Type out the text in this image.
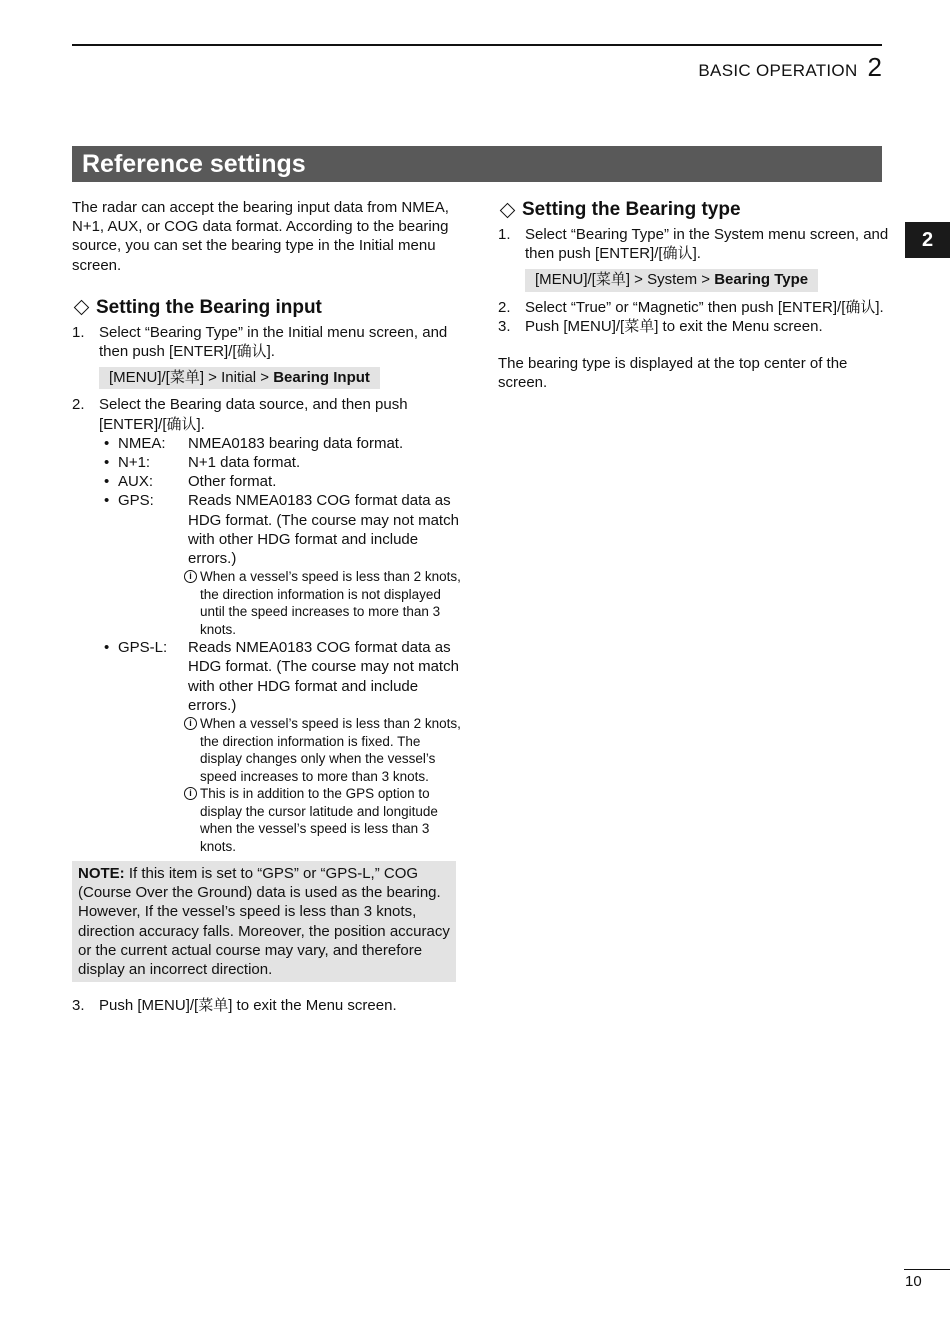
BASIC OPERATION 2
Reference settings
2

The radar can accept the bearing input data from NMEA, N+1, AUX, or COG data format. According to the bearing source, you can set the bearing type in the Initial menu screen.

Setting the Bearing input
1. Select “Bearing Type” in the Initial menu screen, and then push [ENTER]/[确认].
[MENU]/[菜单] > Initial > Bearing Input
2. Select the Bearing data source, and then push [ENTER]/[确认].
• NMEA:	NMEA0183 bearing data format.
• N+1:	N+1 data format.
• AUX:	Other format.
• GPS:	Reads NMEA0183 COG format data as HDG format. (The course may not match with other HDG format and include errors.)
i When a vessel’s speed is less than 2 knots, the direction information is not displayed until the speed increases to more than 3 knots.
• GPS-L:	Reads NMEA0183 COG format data as HDG format. (The course may not match with other HDG format and include errors.)
i When a vessel’s speed is less than 2 knots, the direction information is fixed. The display changes only when the vessel’s speed increases to more than 3 knots.
i This is in addition to the GPS option to display the cursor latitude and longitude when the vessel’s speed is less than 3 knots.

NOTE: If this item is set to “GPS” or “GPS-L,” COG (Course Over the Ground) data is used as the bearing.

However, If the vessel’s speed is less than 3 knots, direction accuracy falls. Moreover, the position accuracy or the current actual course may vary, and therefore display an incorrect direction.

3. Push [MENU]/[菜单] to exit the Menu screen.
Setting the Bearing type
1. Select “Bearing Type” in the System menu screen, and then push [ENTER]/[确认].
[MENU]/[菜单] > System > Bearing Type
2. Select “True” or “Magnetic” then push [ENTER]/[确认].
3. Push [MENU]/[菜单] to exit the Menu screen.

The bearing type is displayed at the top center of the screen.

10
